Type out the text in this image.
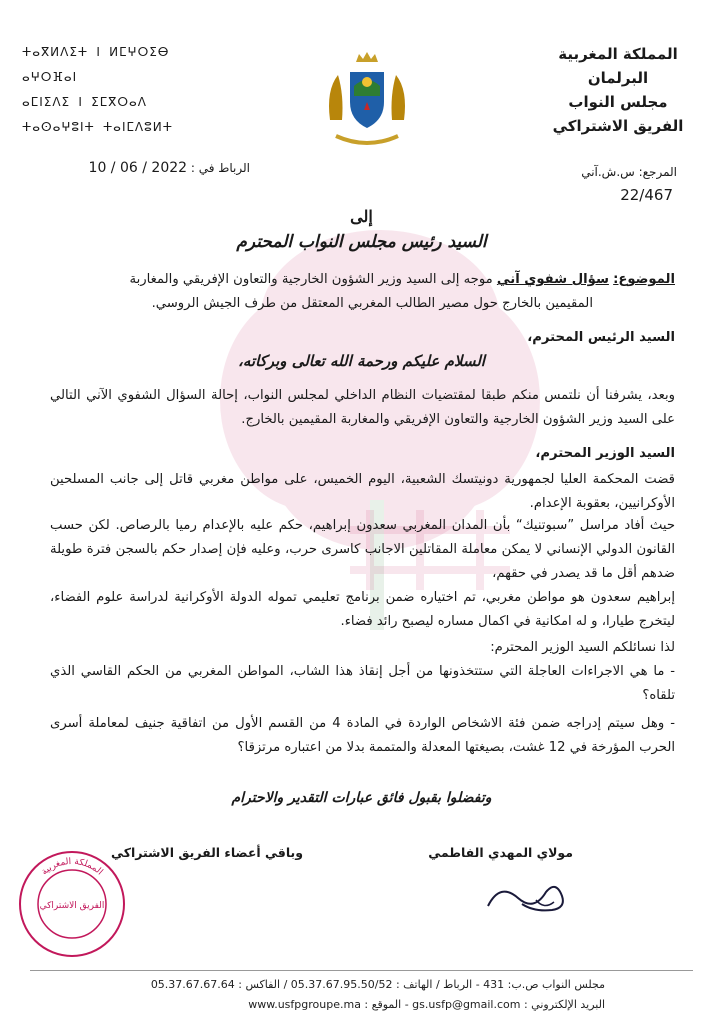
المملكة المغربية
البرلمان
مجلس النواب
الفريق الاشتراكي
ⵜⴰⴳⵍⴷⵉⵜ ⵏ ⵍⵎⵖⵔⵉⴱ
ⴰⵖⵔⴼⴰⵏ
ⴰⵎⵏⵉⴷⵉ ⵏ ⵉⵎⴳⵔⴰⴷ
ⵜⴰⵙⴰⵖⵓⵏⵜ ⵜⴰⵏⵎⴷⵓⵍⵜ
الرباط في : 10 / 06 / 2022	المرجع: س.ش.آني
22/467
إلى
السيد رئيس مجلس النواب المحترم
الموضوع: سؤال شفوي آني موجه إلى السيد وزير الشؤون الخارجية والتعاون الإفريقي والمغاربة
المقيمين بالخارج حول مصير الطالب المغربي المعتقل من طرف الجيش الروسي.
السيد الرئيس المحترم،
السلام عليكم ورحمة الله تعالى وبركاته،
وبعد، يشرفنا أن نلتمس منكم طبقا لمقتضيات النظام الداخلي لمجلس النواب، إحالة السؤال الشفوي الآني التالي على السيد وزير الشؤون الخارجية والتعاون الإفريقي والمغاربة المقيمين بالخارج.
السيد الوزير المحترم،
قضت المحكمة العليا لجمهورية دونيتسك الشعبية، اليوم الخميس، على مواطن مغربي قاتل إلى جانب المسلحين الأوكرانيين، بعقوبة الإعدام.
حيث أفاد مراسل ”سبوتنيك“ بأن المدان المغربي سعدون إبراهيم، حكم عليه بالإعدام رميا بالرصاص. لكن حسب القانون الدولي الإنساني لا يمكن معاملة المقاتلين الاجانب كاسرى حرب، وعليه فإن إصدار حكم بالسجن فترة طويلة ضدهم أقل ما قد يصدر في حقهم،
إبراهيم سعدون هو مواطن مغربي، تم اختياره ضمن برنامج تعليمي تموله الدولة الأوكرانية لدراسة علوم الفضاء، ليتخرج طيارا، و له امكانية في اكمال مساره ليصبح رائد فضاء.
لذا نسائلكم السيد الوزير المحترم:
- ما هي الاجراءات العاجلة التي ستتخذونها من أجل إنقاذ هذا الشاب، المواطن المغربي من الحكم القاسي الذي تلقاه؟
- وهل سيتم إدراجه ضمن فئة الاشخاص الواردة في المادة 4 من القسم الأول من اتفاقية جنيف لمعاملة أسرى الحرب المؤرخة في 12 غشت، بصيغتها المعدلة والمتممة بدلا من اعتباره مرتزقا؟
وتفضلوا بقبول فائق عبارات التقدير والاحترام
مولاي المهدي الفاطمي
وباقي أعضاء الفريق الاشتراكي
المملكة المغربية
الفريق الاشتراكي
مجلس النواب ص.ب: 431 - الرباط / الهاتف : 05.37.67.95.50/52 / الفاكس : 05.37.67.67.64
البريد الإلكتروني : gs.usfp@gmail.com - الموقع : www.usfpgroupe.ma
